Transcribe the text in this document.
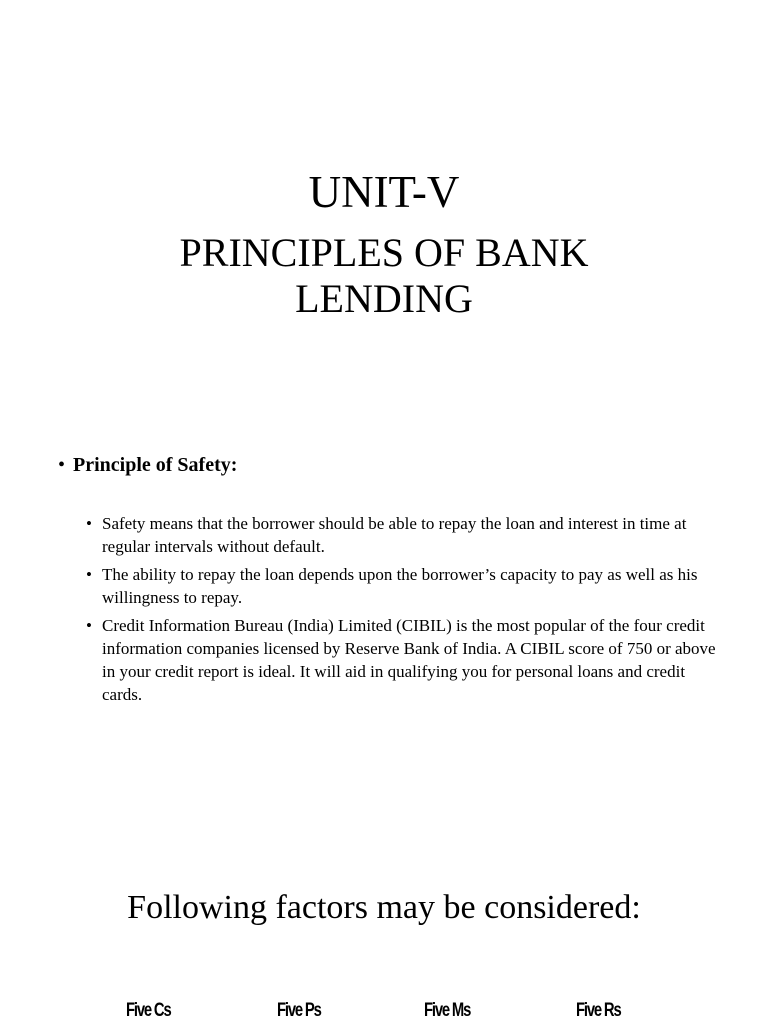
UNIT-V
PRINCIPLES OF BANK
LENDING
• Principle of Safety:
• Safety means that the borrower should be able to repay the loan and interest in time at regular intervals without default.
• The ability to repay the loan depends upon the borrower’s capacity to pay as well as his willingness to repay.
• Credit Information Bureau (India) Limited (CIBIL) is the most popular of the four credit information companies licensed by Reserve Bank of India. A CIBIL score of 750 or above in your credit report is ideal. It will aid in qualifying you for personal loans and credit cards.
Following factors may be considered:
Five Cs	Five Ps	Five Ms	Five Rs
